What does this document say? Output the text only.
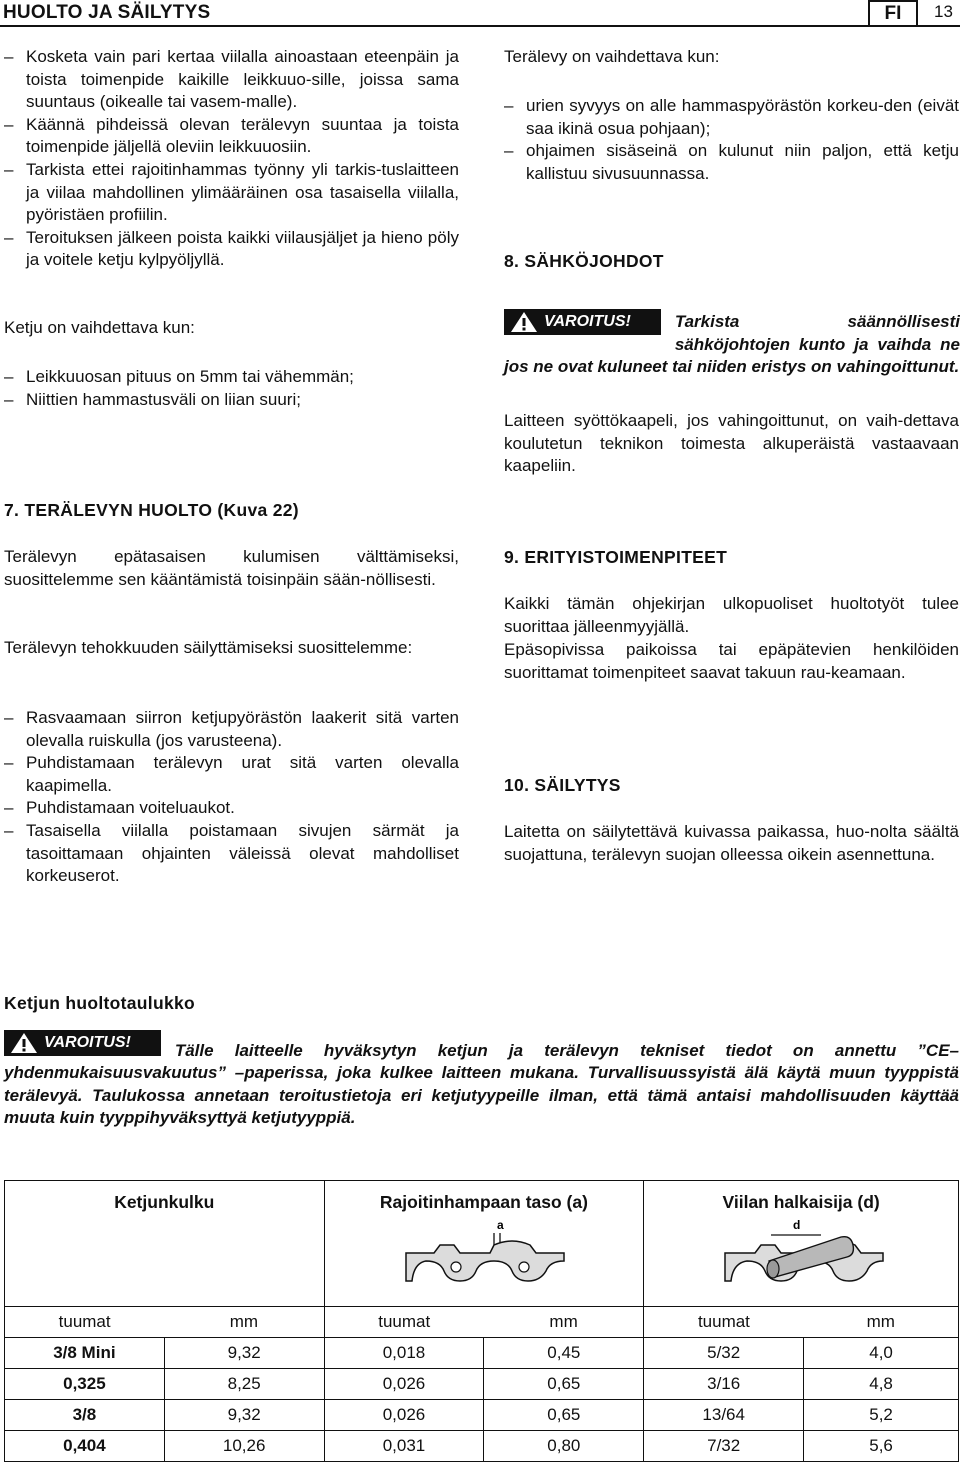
HUOLTO JA SÄILYTYS	FI	13
– Kosketa vain pari kertaa viilalla ainoastaan eteenpäin ja toista toimenpide kaikille leikkuuo-sille, joissa sama suuntaus (oikealle tai vasem-malle).
– Käännä pihdeissä olevan terälevyn suuntaa ja toista toimenpide jäljellä oleviin leikkuuosiin.
– Tarkista ettei rajoitinhammas työnny yli tarkis-tuslaitteen ja viilaa mahdollinen ylimääräinen osa tasaisella viilalla, pyöristäen profiilin.
– Teroituksen jälkeen poista kaikki viilausjäljet ja hieno pöly ja voitele ketju kylpyöljyllä.
Ketju on vaihdettava kun:
– Leikkuuosan pituus on 5mm tai vähemmän;
– Niittien hammastusväli on liian suuri;
7. TERÄLEVYN HUOLTO (Kuva 22)
Terälevyn epätasaisen kulumisen välttämiseksi, suosittelemme sen kääntämistä toisinpäin sään-nöllisesti.
Terälevyn tehokkuuden säilyttämiseksi suosittelemme:
– Rasvaamaan siirron ketjupyörästön laakerit sitä varten olevalla ruiskulla (jos varusteena).
– Puhdistamaan terälevyn urat sitä varten olevalla kaapimella.
– Puhdistamaan voiteluaukot.
– Tasaisella viilalla poistamaan sivujen särmät ja tasoittamaan ohjainten väleissä olevat mahdolliset korkeuserot.
Terälevy on vaihdettava kun:
– urien syvyys on alle hammaspyörästön korkeu-den (eivät saa ikinä osua pohjaan);
– ohjaimen sisäseinä on kulunut niin paljon, että ketju kallistuu sivusuunnassa.
8. SÄHKÖJOHDOT
VAROITUS!	Tarkista säännöllisesti sähköjohtojen kunto ja vaihda ne jos ne ovat kuluneet tai niiden eristys on vahingoittunut.
Laitteen syöttökaapeli, jos vahingoittunut, on vaih-dettava koulutetun teknikon toimesta alkuperäistä vastaavaan kaapeliin.
9. ERITYISTOIMENPITEET
Kaikki tämän ohjekirjan ulkopuoliset huoltotyöt tulee suorittaa jälleenmyyjällä.
Epäsopivissa paikoissa tai epäpätevien henkilöiden suorittamat toimenpiteet saavat takuun rau-keamaan.
10. SÄILYTYS
Laitetta on säilytettävä kuivassa paikassa, huo-nolta säältä suojattuna, terälevyn suojan olleessa oikein asennettuna.
Ketjun huoltotaulukko
VAROITUS!	Tälle laitteelle hyväksytyn ketjun ja terälevyn tekniset tiedot on annettu ”CE–yhdenmukaisuusvakuutus” –paperissa, joka kulkee laitteen mukana. Turvallisuussyistä älä käytä muun tyyppistä terälevyä. Taulukossa annetaan teroitustietoja eri ketjutyypeille ilman, että tämä antaisi mahdollisuuden käyttää muuta kuin tyyppihyväksyttyä ketjutyyppiä.
Ketjunkulku		Rajoitinhampaan taso (a)
a		Viilan halkaisija (d)
d	

tuumat	mm	tuumat	mm	tuumat	mm
3/8 Mini	9,32	0,018	0,45	5/32	4,0
0,325	8,25	0,026	0,65	3/16	4,8
3/8	9,32	0,026	0,65	13/64	5,2
0,404	10,26	0,031	0,80	7/32	5,6
